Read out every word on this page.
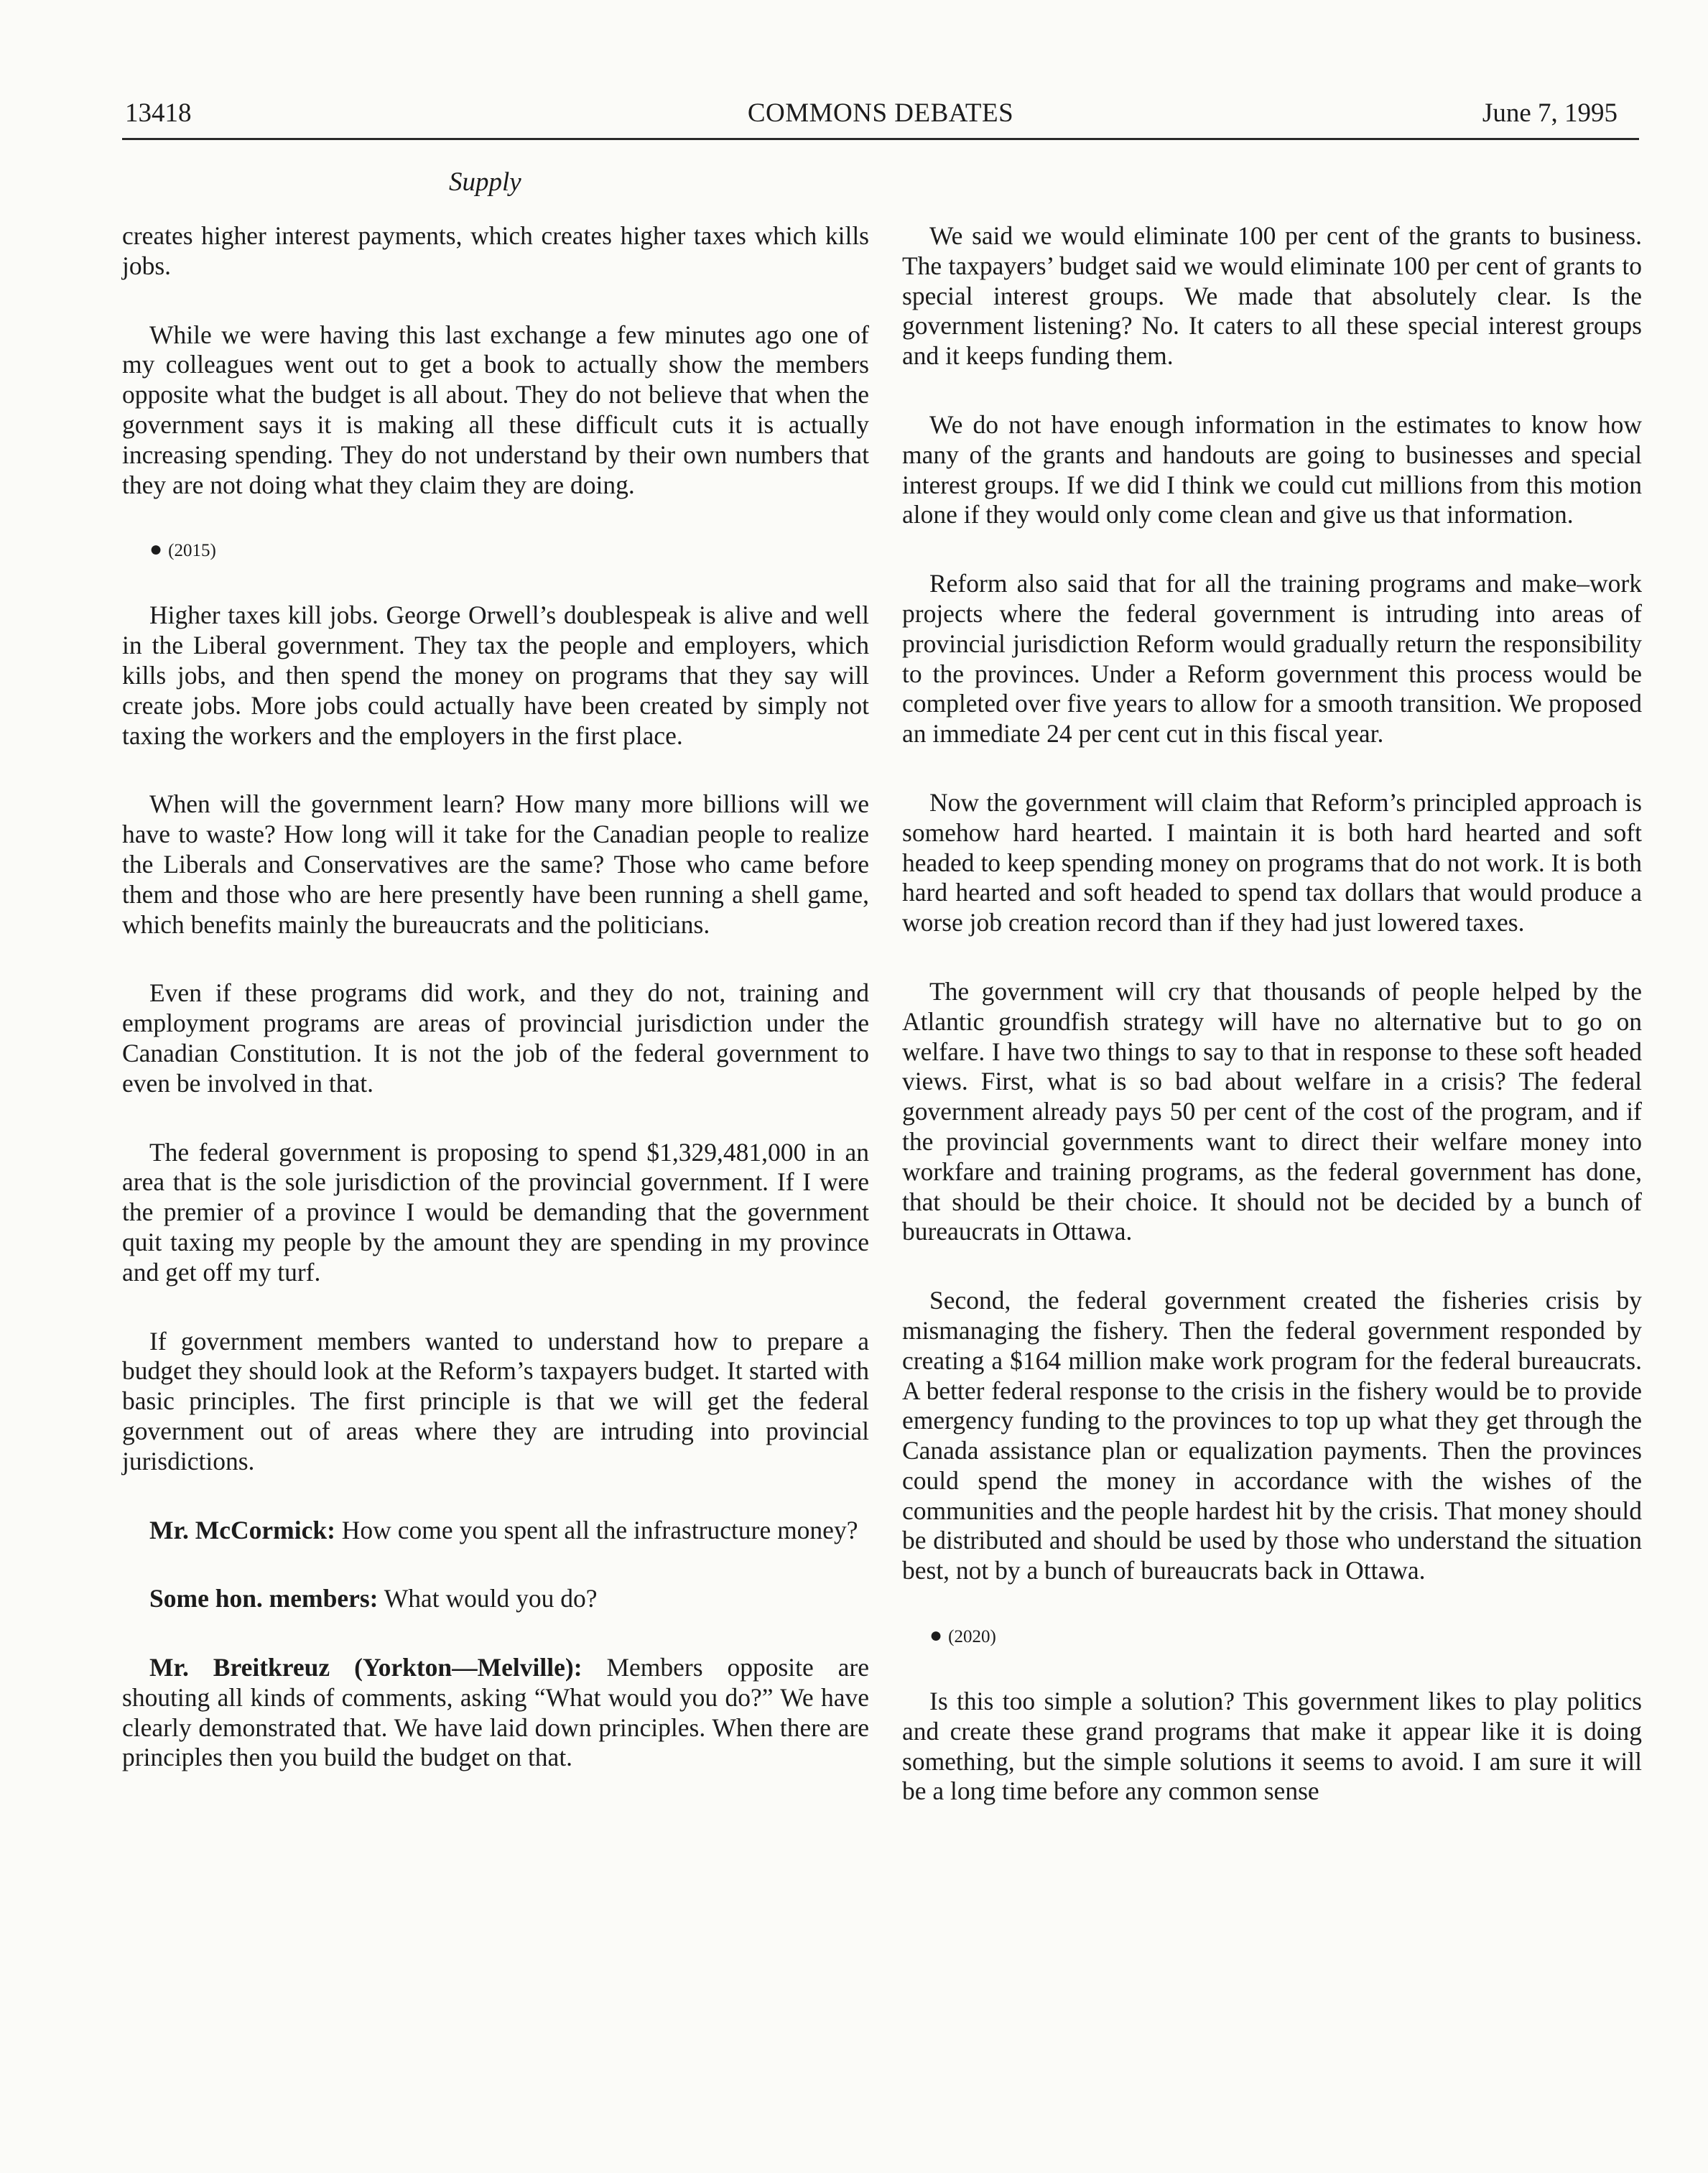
13418	COMMONS DEBATES	June 7, 1995
Supply

creates higher interest payments, which creates higher taxes which kills jobs.

While we were having this last exchange a few minutes ago one of my colleagues went out to get a book to actually show the members opposite what the budget is all about. They do not believe that when the government says it is making all these difficult cuts it is actually increasing spending. They do not understand by their own numbers that they are not doing what they claim they are doing.

● (2015)

Higher taxes kill jobs. George Orwell’s doublespeak is alive and well in the Liberal government. They tax the people and employers, which kills jobs, and then spend the money on programs that they say will create jobs. More jobs could actually have been created by simply not taxing the workers and the employers in the first place.

When will the government learn? How many more billions will we have to waste? How long will it take for the Canadian people to realize the Liberals and Conservatives are the same? Those who came before them and those who are here presently have been running a shell game, which benefits mainly the bureaucrats and the politicians.

Even if these programs did work, and they do not, training and employment programs are areas of provincial jurisdiction under the Canadian Constitution. It is not the job of the federal government to even be involved in that.

The federal government is proposing to spend $1,329,481,000 in an area that is the sole jurisdiction of the provincial government. If I were the premier of a province I would be demanding that the government quit taxing my people by the amount they are spending in my province and get off my turf.

If government members wanted to understand how to prepare a budget they should look at the Reform’s taxpayers budget. It started with basic principles. The first principle is that we will get the federal government out of areas where they are intruding into provincial jurisdictions.

Mr. McCormick: How come you spent all the infrastructure money?

Some hon. members: What would you do?

Mr. Breitkreuz (Yorkton—Melville): Members opposite are shouting all kinds of comments, asking “What would you do?” We have clearly demonstrated that. We have laid down principles. When there are principles then you build the budget on that.

We said we would eliminate 100 per cent of the grants to business. The taxpayers’ budget said we would eliminate 100 per cent of grants to special interest groups. We made that absolutely clear. Is the government listening? No. It caters to all these special interest groups and it keeps funding them.

We do not have enough information in the estimates to know how many of the grants and handouts are going to businesses and special interest groups. If we did I think we could cut millions from this motion alone if they would only come clean and give us that information.

Reform also said that for all the training programs and make–work projects where the federal government is intruding into areas of provincial jurisdiction Reform would gradually return the responsibility to the provinces. Under a Reform government this process would be completed over five years to allow for a smooth transition. We proposed an immediate 24 per cent cut in this fiscal year.

Now the government will claim that Reform’s principled approach is somehow hard hearted. I maintain it is both hard hearted and soft headed to keep spending money on programs that do not work. It is both hard hearted and soft headed to spend tax dollars that would produce a worse job creation record than if they had just lowered taxes.

The government will cry that thousands of people helped by the Atlantic groundfish strategy will have no alternative but to go on welfare. I have two things to say to that in response to these soft headed views. First, what is so bad about welfare in a crisis? The federal government already pays 50 per cent of the cost of the program, and if the provincial governments want to direct their welfare money into workfare and training programs, as the federal government has done, that should be their choice. It should not be decided by a bunch of bureaucrats in Ottawa.

Second, the federal government created the fisheries crisis by mismanaging the fishery. Then the federal government responded by creating a $164 million make work program for the federal bureaucrats. A better federal response to the crisis in the fishery would be to provide emergency funding to the provinces to top up what they get through the Canada assistance plan or equalization payments. Then the provinces could spend the money in accordance with the wishes of the communities and the people hardest hit by the crisis. That money should be distributed and should be used by those who understand the situation best, not by a bunch of bureaucrats back in Ottawa.

● (2020)

Is this too simple a solution? This government likes to play politics and create these grand programs that make it appear like it is doing something, but the simple solutions it seems to avoid. I am sure it will be a long time before any common sense
